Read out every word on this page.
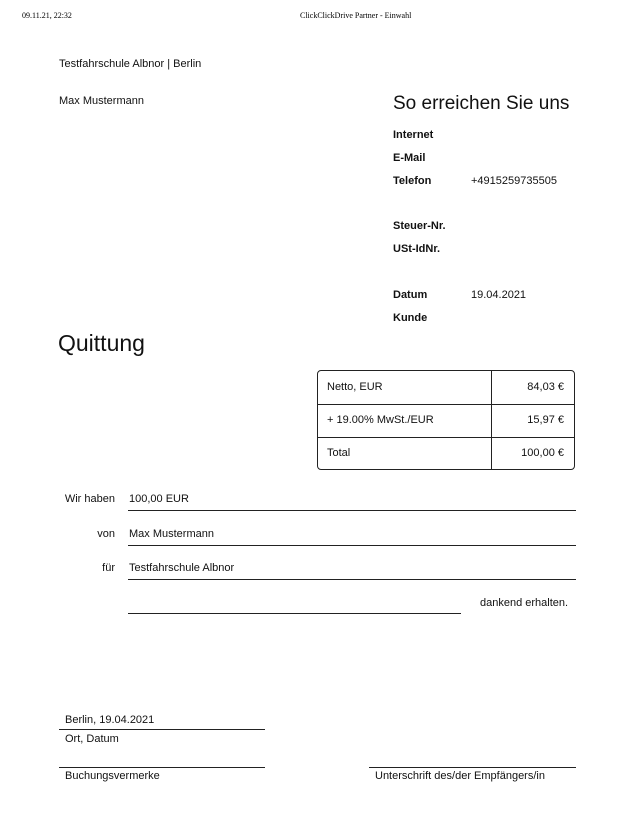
09.11.21, 22:32	ClickClickDrive Partner - Einwahl
Testfahrschule Albnor | Berlin
Max Mustermann	So erreichen Sie uns
Internet
E-Mail
Telefon	+4915259735505
Steuer-Nr.
USt-IdNr.
Datum	19.04.2021
Kunde
Quittung
Netto, EUR	84,03 €
+ 19.00% MwSt./EUR	15,97 €
Total	100,00 €
Wir haben 100,00 EUR
von Max Mustermann
für Testfahrschule Albnor
dankend erhalten.
Berlin, 19.04.2021
Ort, Datum
Buchungsvermerke	Unterschrift des/der Empfängers/in
